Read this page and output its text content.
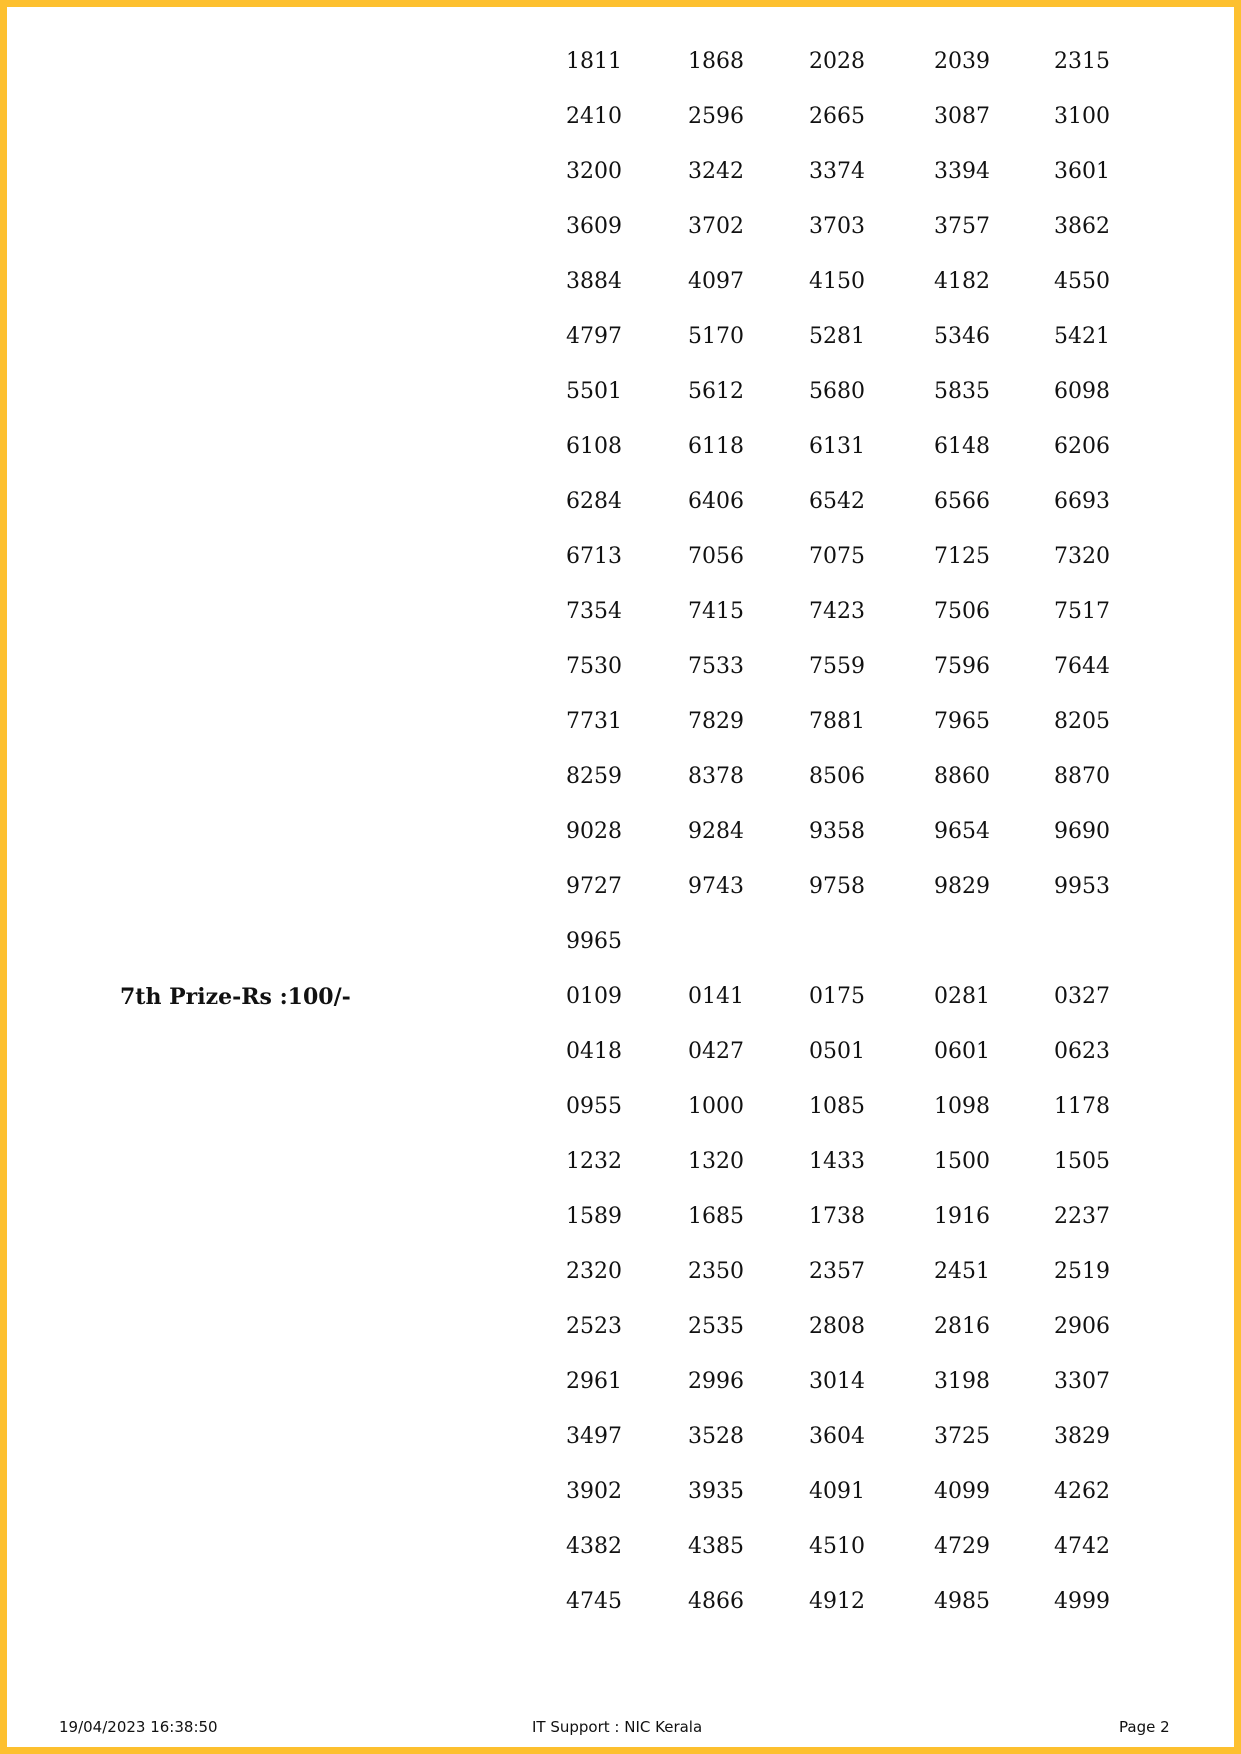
1811	1868	2028	2039	2315
2410	2596	2665	3087	3100
3200	3242	3374	3394	3601
3609	3702	3703	3757	3862
3884	4097	4150	4182	4550
4797	5170	5281	5346	5421
5501	5612	5680	5835	6098
6108	6118	6131	6148	6206
6284	6406	6542	6566	6693
6713	7056	7075	7125	7320
7354	7415	7423	7506	7517
7530	7533	7559	7596	7644
7731	7829	7881	7965	8205
8259	8378	8506	8860	8870
9028	9284	9358	9654	9690
9727	9743	9758	9829	9953
9965
7th Prize-Rs :100/-	0109	0141	0175	0281	0327
0418	0427	0501	0601	0623
0955	1000	1085	1098	1178
1232	1320	1433	1500	1505
1589	1685	1738	1916	2237
2320	2350	2357	2451	2519
2523	2535	2808	2816	2906
2961	2996	3014	3198	3307
3497	3528	3604	3725	3829
3902	3935	4091	4099	4262
4382	4385	4510	4729	4742
4745	4866	4912	4985	4999
19/04/2023 16:38:50	IT Support : NIC Kerala	Page 2
